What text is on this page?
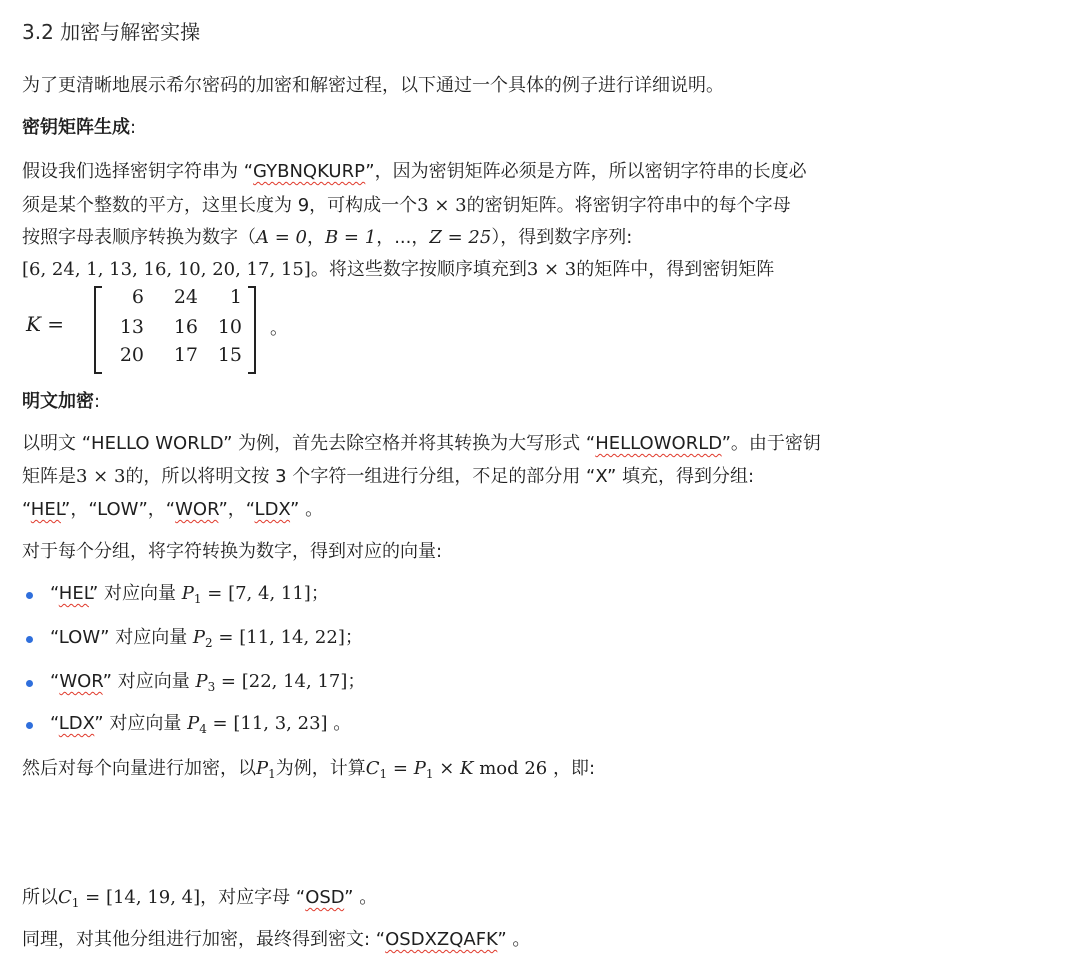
3.2 加密与解密实操
为了更清晰地展示希尔密码的加密和解密过程，以下通过一个具体的例子进行详细说明。
密钥矩阵生成:
假设我们选择密钥字符串为 “GYBNQKURP”，因为密钥矩阵必须是方阵，所以密钥字符串的长度必
须是某个整数的平方，这里长度为 9，可构成一个3 × 3的密钥矩阵。将密钥字符串中的每个字母
按照字母表顺序转换为数字（A = 0，B = 1，...，Z = 25），得到数字序列:
[6, 24, 1, 13, 16, 10, 20, 17, 15]。将这些数字按顺序填充到3 × 3的矩阵中，得到密钥矩阵
K =
6	24	1
13	16	10
20	17	15
。
明文加密:
以明文 “HELLO WORLD” 为例，首先去除空格并将其转换为大写形式 “HELLOWORLD”。由于密钥
矩阵是3 × 3的，所以将明文按 3 个字符一组进行分组，不足的部分用 “X” 填充，得到分组:
“HEL”，“LOW”，“WOR”，“LDX” 。
对于每个分组，将字符转换为数字，得到对应的向量:
“HEL” 对应向量 $P_1 = [7$, 4, 11]；
“LOW” 对应向量 $P_2 = [11$, 14, 22]；
“WOR” 对应向量 $P_3 = [22$, 14, 17]；
“LDX” 对应向量 $P_4 = [11$, 3, 23] 。
然后对每个向量进行加密，以$P_1$为例，计算$C_1 = P_1 \times K$ mod 26 ，即:
所以$C_1 = [14$, 19, 4]，对应字母 “OSD” 。
同理，对其他分组进行加密，最终得到密文: “OSDXZQAFK” 。
